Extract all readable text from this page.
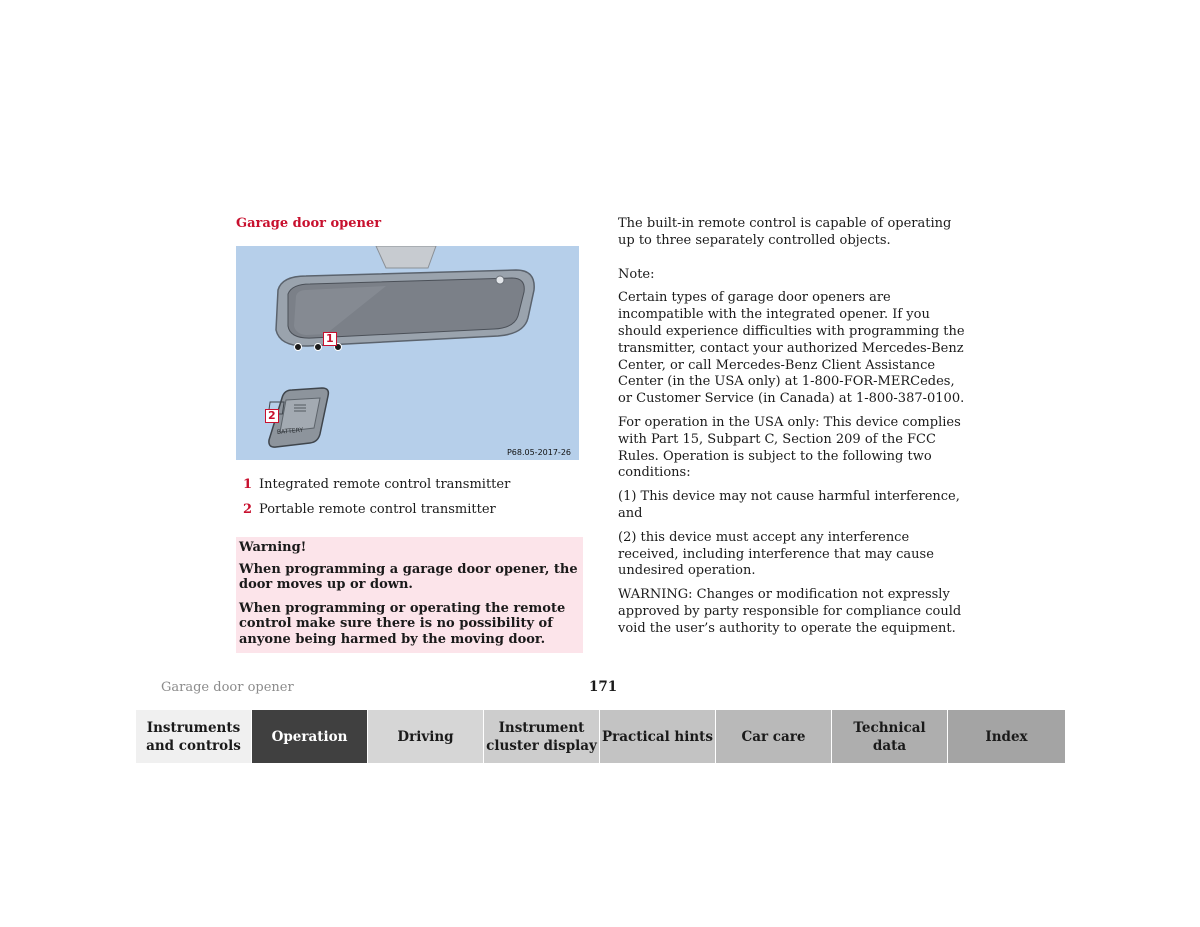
Garage door opener
BATTERY
1
2
P68.05-2017-26
1 Integrated remote control transmitter
2 Portable remote control transmitter

Warning!

When programming a garage door opener, the door moves up or down.

When programming or operating the remote control make sure there is no possibility of anyone being harmed by the moving door.

The built-in remote control is capable of operating up to three separately controlled objects.

Note:

Certain types of garage door openers are incompatible with the integrated opener. If you should experience difficulties with programming the transmitter, contact your authorized Mercedes-Benz Center, or call Mercedes-Benz Client Assistance Center (in the USA only) at 1-800-FOR-MERCedes, or Customer Service (in Canada) at 1-800-387-0100.

For operation in the USA only: This device complies with Part 15, Subpart C, Section 209 of the FCC Rules. Operation is subject to the following two conditions:

(1) This device may not cause harmful interference, and

(2) this device must accept any interference received, including interference that may cause undesired operation.

WARNING: Changes or modification not expressly approved by party responsible for compliance could void the user’s authority to operate the equipment.

Garage door opener	171
Instruments
and controls
Operation	Driving
Instrument
cluster display
Practical hints Car care
Technical
data
Index
